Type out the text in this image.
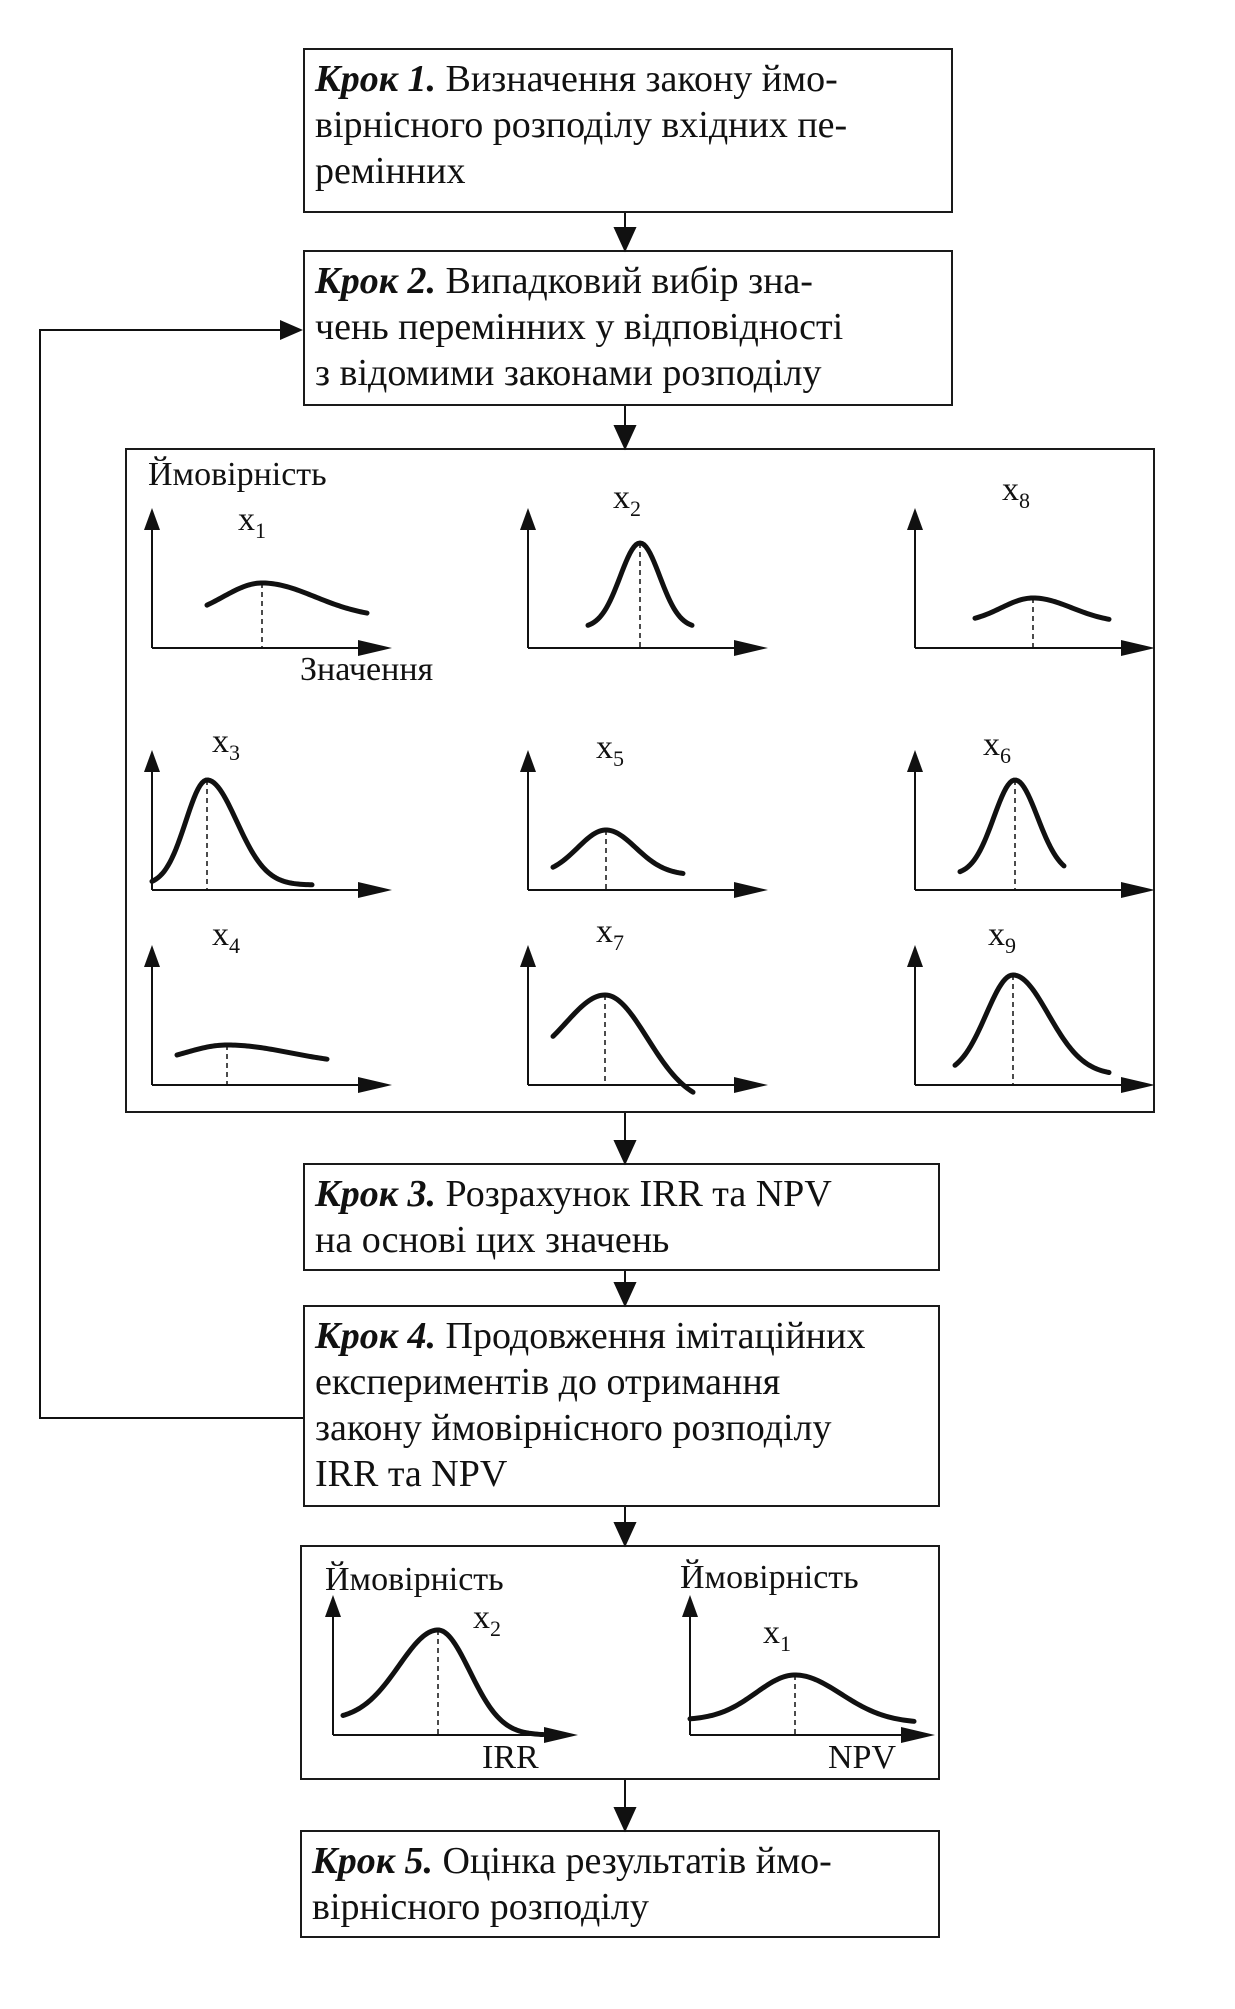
Крок 1. Визначення закону ймо-
вірнісного розподілу вхідних пе-
ремінних
Крок 2. Випадковий вибір зна-
чень перемінних у відповідності
з відомими законами розподілу
Крок 3. Розрахунок IRR та NPV
на основі цих значень
Крок 4. Продовження імітаційних
експериментів до отримання
закону ймовірнісного розподілу
IRR та NPV
Крок 5. Оцінка результатів ймо-
вірнісного розподілу
$x_1$
$x_2$
$x_8$
$x_3$	$x_5$	$x_6$
$x_4$	$x_7$	$x_9$
Ймовірність
Значення
Ймовірність	Ймовірність
$x_2$	$x_1$
IRR	NPV
